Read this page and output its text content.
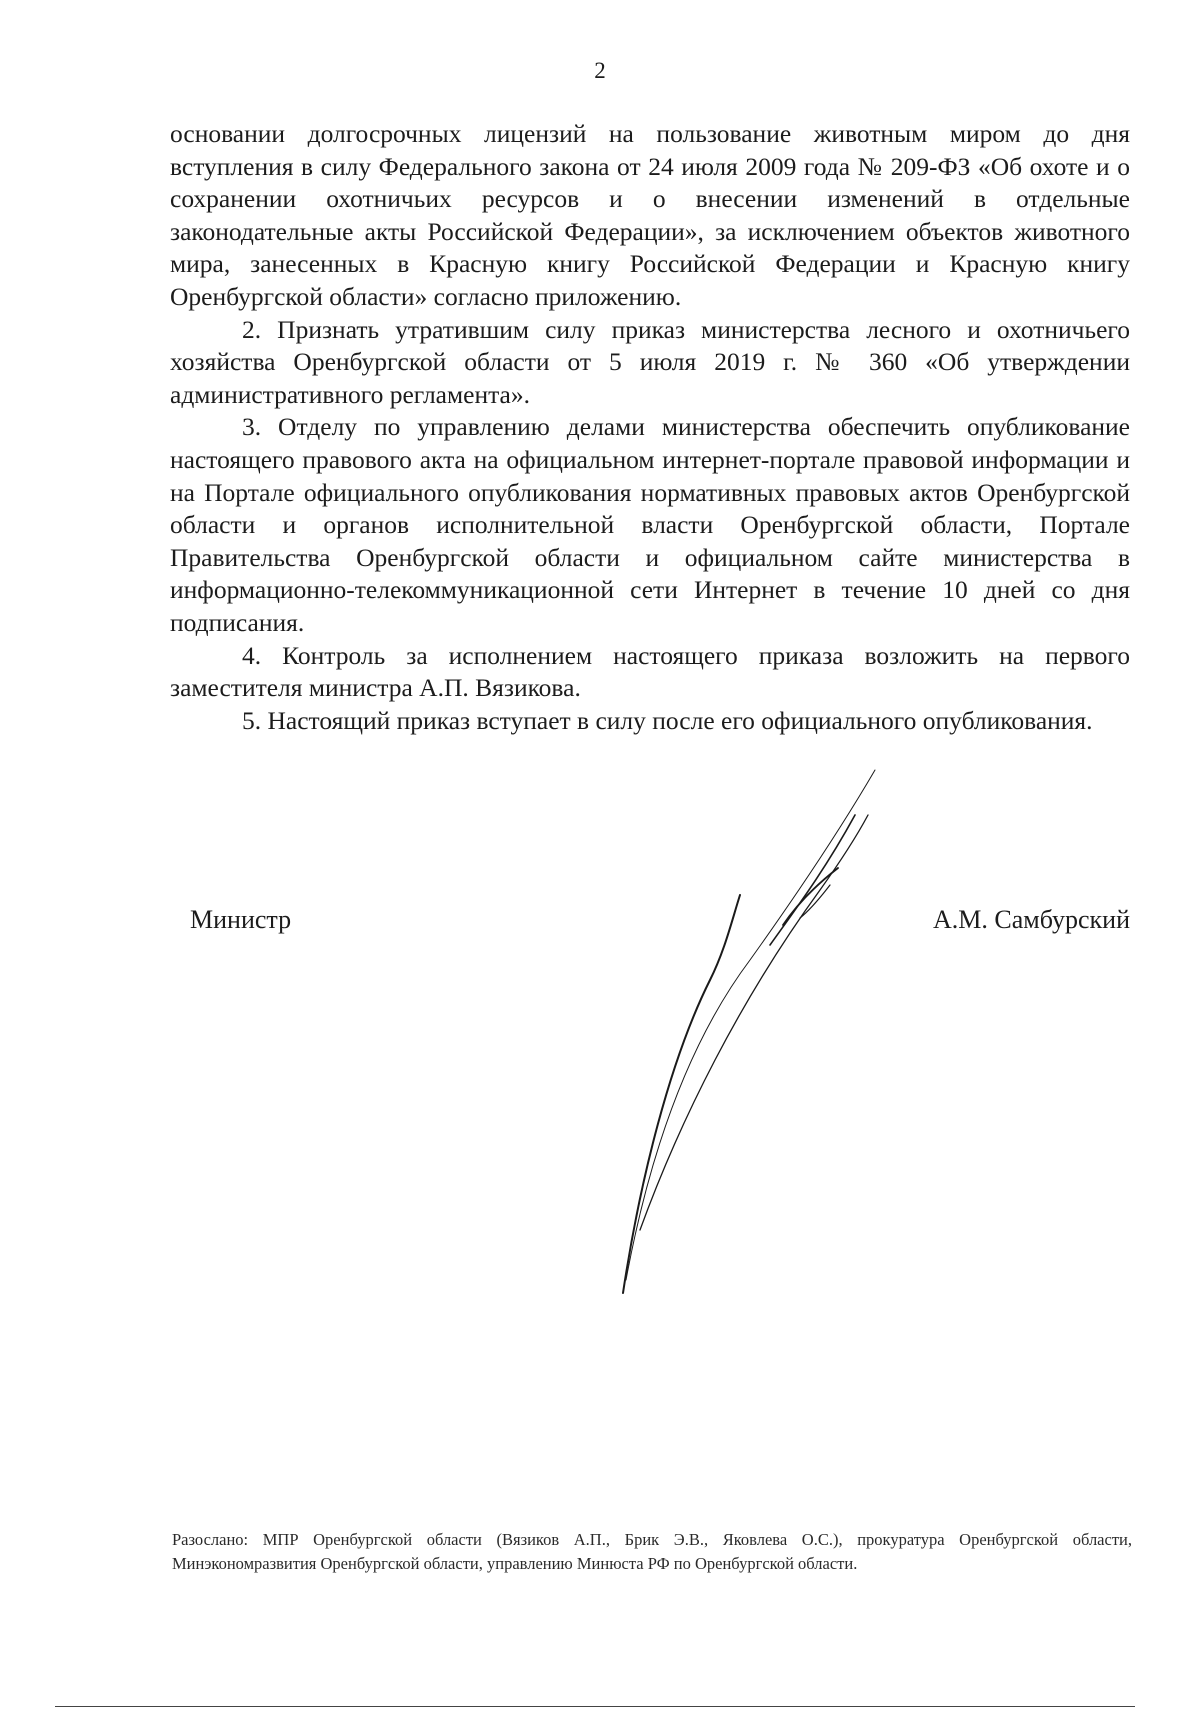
2

основании долгосрочных лицензий на пользование животным миром до дня вступления в силу Федерального закона от 24 июля 2009 года № 209-ФЗ «Об охоте и о сохранении охотничьих ресурсов и о внесении изменений в отдельные законодательные акты Российской Федерации», за исключением объектов животного мира, занесенных в Красную книгу Российской Федерации и Красную книгу Оренбургской области» согласно приложению.

2. Признать утратившим силу приказ министерства лесного и охотничьего хозяйства Оренбургской области от 5 июля 2019 г. № 360 «Об утверждении административного регламента».

3. Отделу по управлению делами министерства обеспечить опубликование настоящего правового акта на официальном интернет-портале правовой информации и на Портале официального опубликования нормативных правовых актов Оренбургской области и органов исполнительной власти Оренбургской области, Портале Правительства Оренбургской области и официальном сайте министерства в информационно-телекоммуникационной сети Интернет в течение 10 дней со дня подписания.

4. Контроль за исполнением настоящего приказа возложить на первого заместителя министра А.П. Вязикова.

5. Настоящий приказ вступает в силу после его официального опубликования.

Министр	А.М. Самбурский
Разослано: МПР Оренбургской области (Вязиков А.П., Брик Э.В., Яковлева О.С.), прокуратура Оренбургской области, Минэкономразвития Оренбургской области, управлению Минюста РФ по Оренбургской области.
